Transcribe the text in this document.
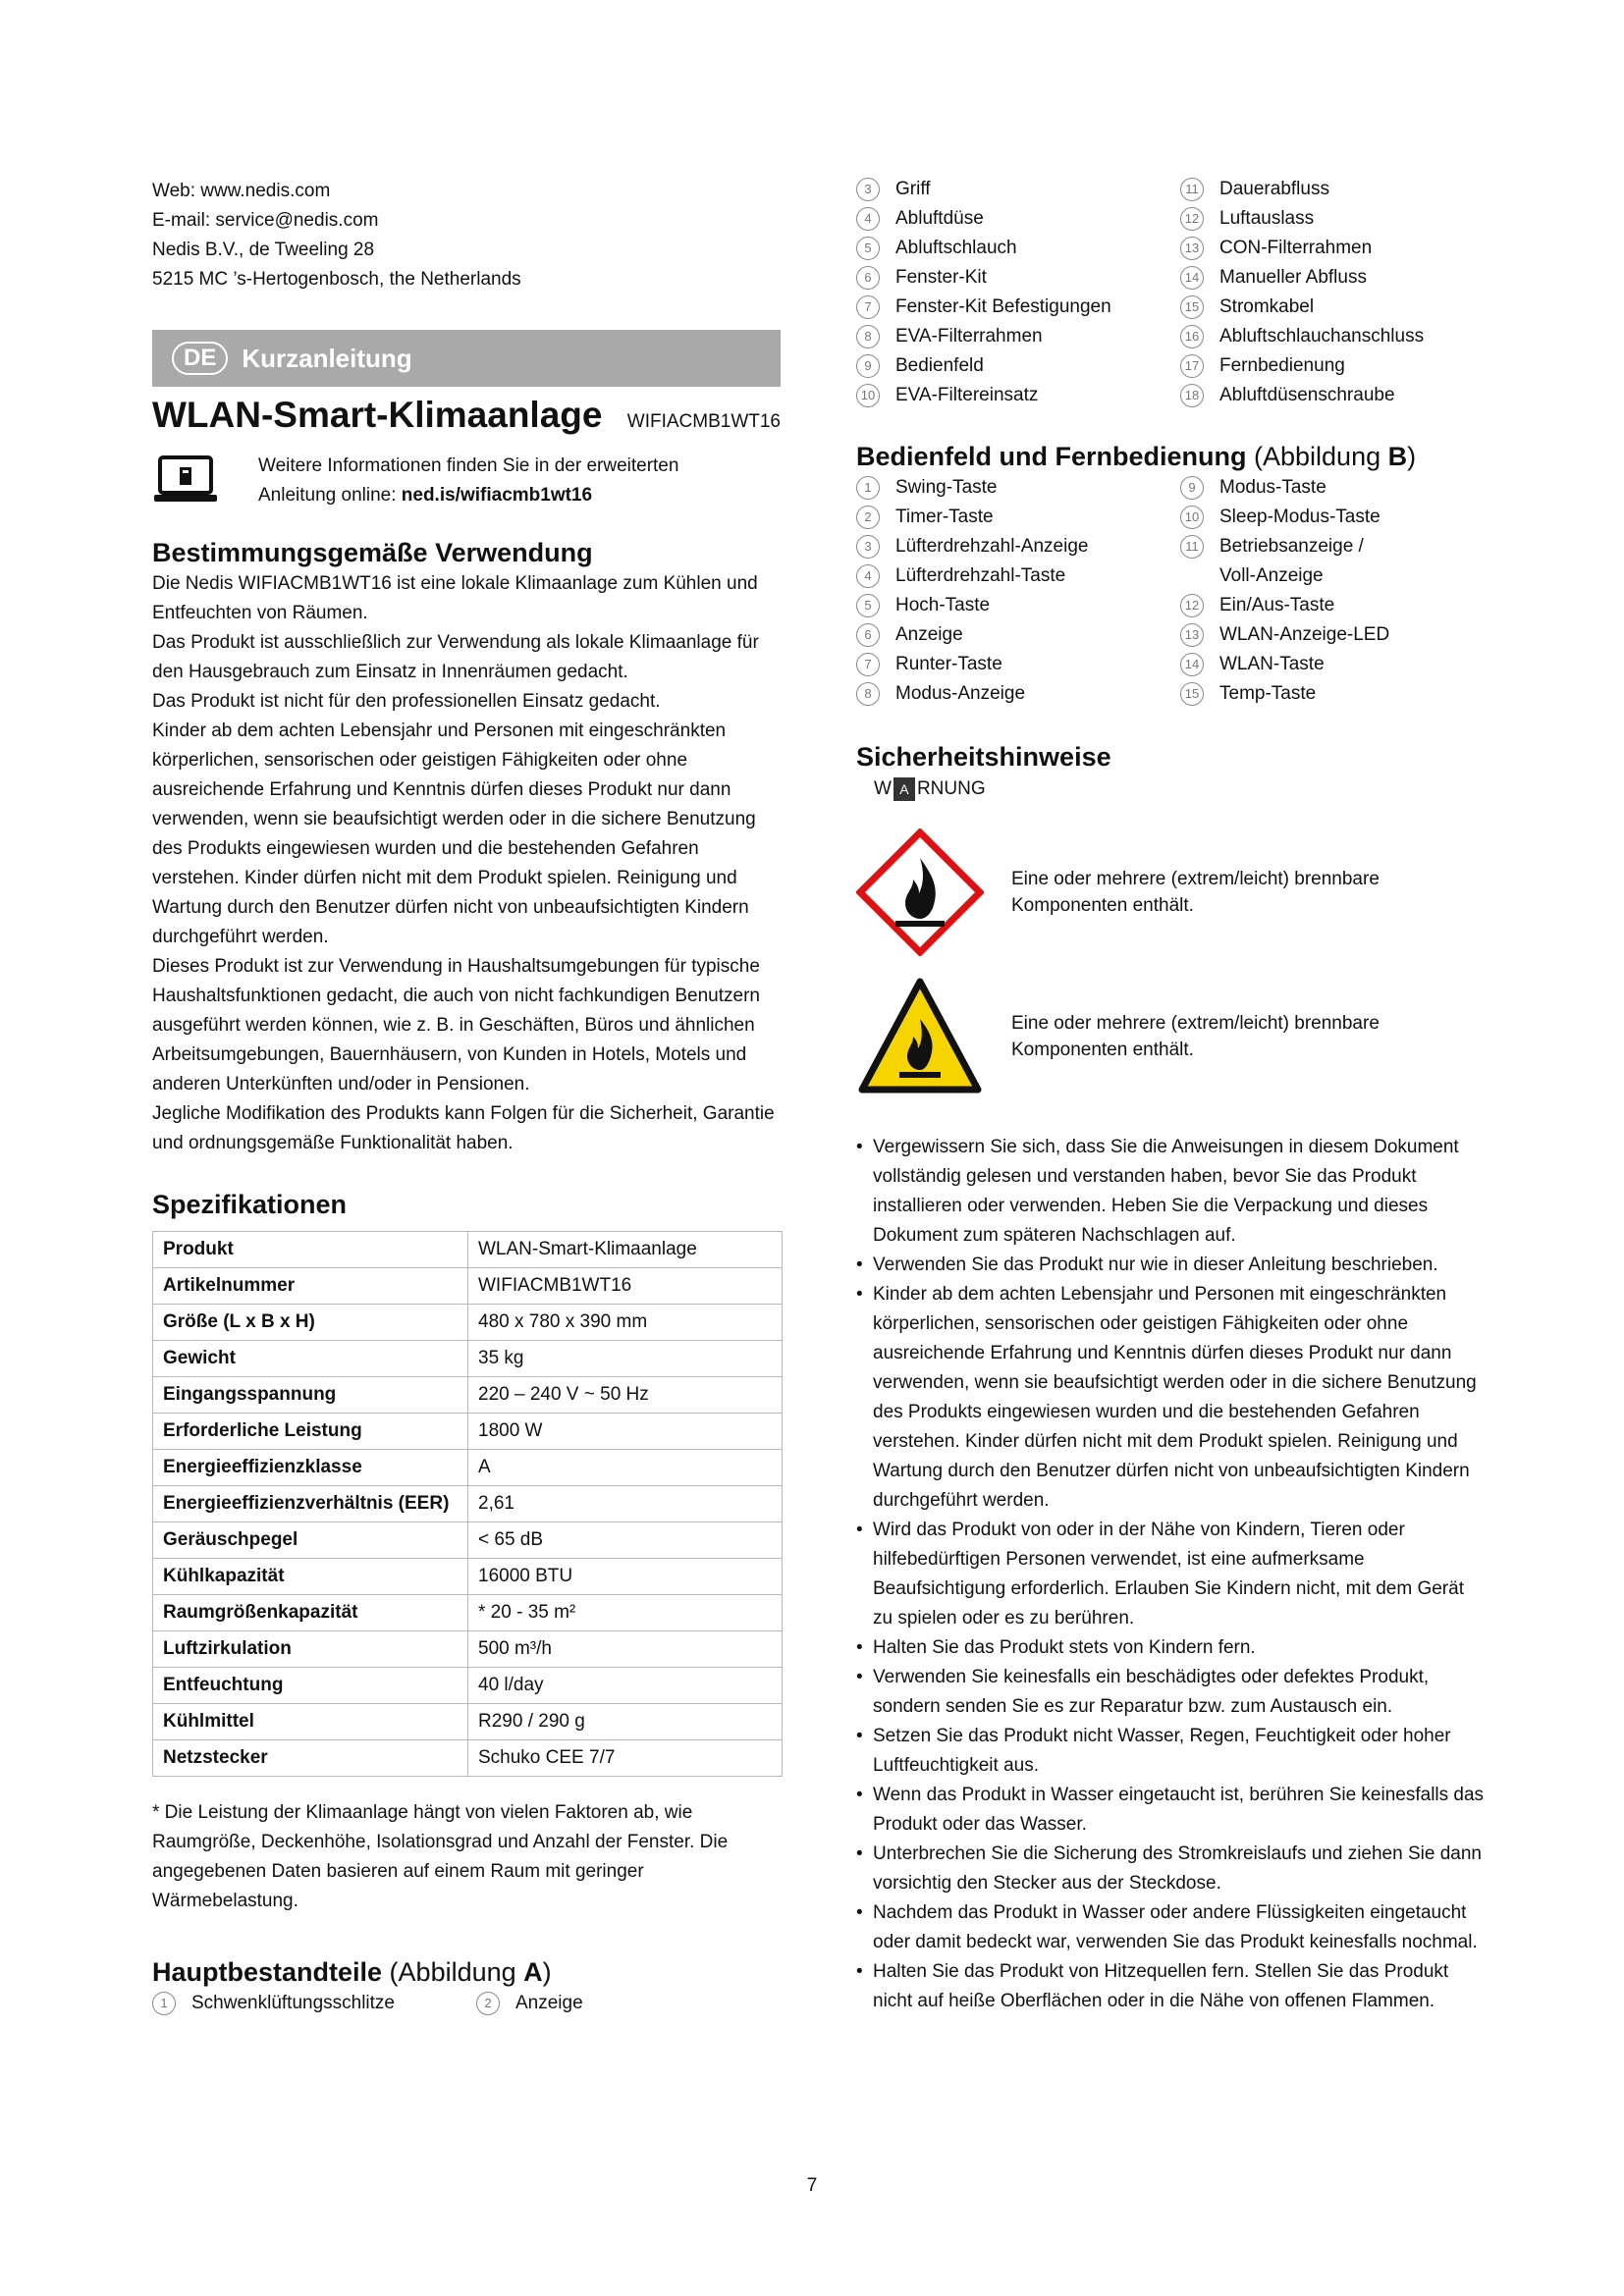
Web: www.nedis.com

E-mail: service@nedis.com

Nedis B.V., de Tweeling 28

5215 MC ’s-Hertogenbosch, the Netherlands

DE	Kurzanleitung
WLAN-Smart-Klimaanlage WIFIACMB1WT16

Weitere Informationen finden Sie in der erweiterten

Anleitung online: ned.is/wifiacmb1wt16

Bestimmungsgemäße Verwendung

Die Nedis WIFIACMB1WT16 ist eine lokale Klimaanlage zum Kühlen und Entfeuchten von Räumen.

Das Produkt ist ausschließlich zur Verwendung als lokale Klimaanlage für den Hausgebrauch zum Einsatz in Innenräumen gedacht.

Das Produkt ist nicht für den professionellen Einsatz gedacht.

Kinder ab dem achten Lebensjahr und Personen mit eingeschränkten körperlichen, sensorischen oder geistigen Fähigkeiten oder ohne ausreichende Erfahrung und Kenntnis dürfen dieses Produkt nur dann verwenden, wenn sie beaufsichtigt werden oder in die sichere Benutzung des Produkts eingewiesen wurden und die bestehenden Gefahren verstehen. Kinder dürfen nicht mit dem Produkt spielen. Reinigung und Wartung durch den Benutzer dürfen nicht von unbeaufsichtigten Kindern durchgeführt werden.

Dieses Produkt ist zur Verwendung in Haushaltsumgebungen für typische Haushaltsfunktionen gedacht, die auch von nicht fachkundigen Benutzern ausgeführt werden können, wie z. B. in Geschäften, Büros und ähnlichen Arbeitsumgebungen, Bauernhäusern, von Kunden in Hotels, Motels und anderen Unterkünften und/oder in Pensionen.

Jegliche Modifikation des Produkts kann Folgen für die Sicherheit, Garantie und ordnungsgemäße Funktionalität haben.

Spezifikationen
Produkt	WLAN-Smart-Klimaanlage
Artikelnummer	WIFIACMB1WT16
Größe (L x B x H)	480 x 780 x 390 mm
Gewicht	35 kg
Eingangsspannung	220 – 240 V ~ 50 Hz
Erforderliche Leistung	1800 W
Energieeffizienzklasse	A
Energieeffizienzverhältnis (EER)	2,61
Geräuschpegel	< 65 dB
Kühlkapazität	16000 BTU
Raumgrößenkapazität	* 20 - 35 m²
Luftzirkulation	500 m³/h
Entfeuchtung	40 l/day
Kühlmittel	R290 / 290 g
Netzstecker	Schuko CEE 7/7

* Die Leistung der Klimaanlage hängt von vielen Faktoren ab, wie Raumgröße, Deckenhöhe, Isolationsgrad und Anzahl der Fenster. Die angegebenen Daten basieren auf einem Raum mit geringer Wärmebelastung.

Hauptbestandteile (Abbildung A)
1	Schwenklüftungsschlitze	2	Anzeige
3	Griff	11 Dauerabfluss
4	Abluftdüse	12 Luftauslass
5	Abluftschlauch	13 CON-Filterrahmen
6	Fenster-Kit	14 Manueller Abfluss
7	Fenster-Kit Befestigungen	15 Stromkabel
8	EVA-Filterrahmen	16 Abluftschlauchanschluss
9	Bedienfeld	17 Fernbedienung
10 EVA-Filtereinsatz	18 Abluftdüsenschraube
Bedienfeld und Fernbedienung (Abbildung B)
1	Swing-Taste	9	Modus-Taste
2	Timer-Taste	10 Sleep-Modus-Taste
3	Lüfterdrehzahl-Anzeige	11 Betriebsanzeige /
4	Lüfterdrehzahl-Taste	Voll-Anzeige
5	Hoch-Taste	12 Ein/Aus-Taste
6	Anzeige	13 WLAN-Anzeige-LED
7	Runter-Taste	14 WLAN-Taste
8	Modus-Anzeige	15 Temp-Taste
Sicherheitshinweise
W A RNUNG

Eine oder mehrere (extrem/leicht) brennbare Komponenten enthält.

Eine oder mehrere (extrem/leicht) brennbare Komponenten enthält.

• Vergewissern Sie sich, dass Sie die Anweisungen in diesem Dokument vollständig gelesen und verstanden haben, bevor Sie das Produkt installieren oder verwenden. Heben Sie die Verpackung und dieses Dokument zum späteren Nachschlagen auf.
• Verwenden Sie das Produkt nur wie in dieser Anleitung beschrieben.
• Kinder ab dem achten Lebensjahr und Personen mit eingeschränkten körperlichen, sensorischen oder geistigen Fähigkeiten oder ohne ausreichende Erfahrung und Kenntnis dürfen dieses Produkt nur dann verwenden, wenn sie beaufsichtigt werden oder in die sichere Benutzung des Produkts eingewiesen wurden und die bestehenden Gefahren verstehen. Kinder dürfen nicht mit dem Produkt spielen. Reinigung und Wartung durch den Benutzer dürfen nicht von unbeaufsichtigten Kindern durchgeführt werden.
• Wird das Produkt von oder in der Nähe von Kindern, Tieren oder hilfebedürftigen Personen verwendet, ist eine aufmerksame Beaufsichtigung erforderlich. Erlauben Sie Kindern nicht, mit dem Gerät zu spielen oder es zu berühren.
• Halten Sie das Produkt stets von Kindern fern.
• Verwenden Sie keinesfalls ein beschädigtes oder defektes Produkt, sondern senden Sie es zur Reparatur bzw. zum Austausch ein.
• Setzen Sie das Produkt nicht Wasser, Regen, Feuchtigkeit oder hoher Luftfeuchtigkeit aus.
• Wenn das Produkt in Wasser eingetaucht ist, berühren Sie keinesfalls das Produkt oder das Wasser.
• Unterbrechen Sie die Sicherung des Stromkreislaufs und ziehen Sie dann vorsichtig den Stecker aus der Steckdose.
• Nachdem das Produkt in Wasser oder andere Flüssigkeiten eingetaucht oder damit bedeckt war, verwenden Sie das Produkt keinesfalls nochmal.
• Halten Sie das Produkt von Hitzequellen fern. Stellen Sie das Produkt nicht auf heiße Oberflächen oder in die Nähe von offenen Flammen.
7
